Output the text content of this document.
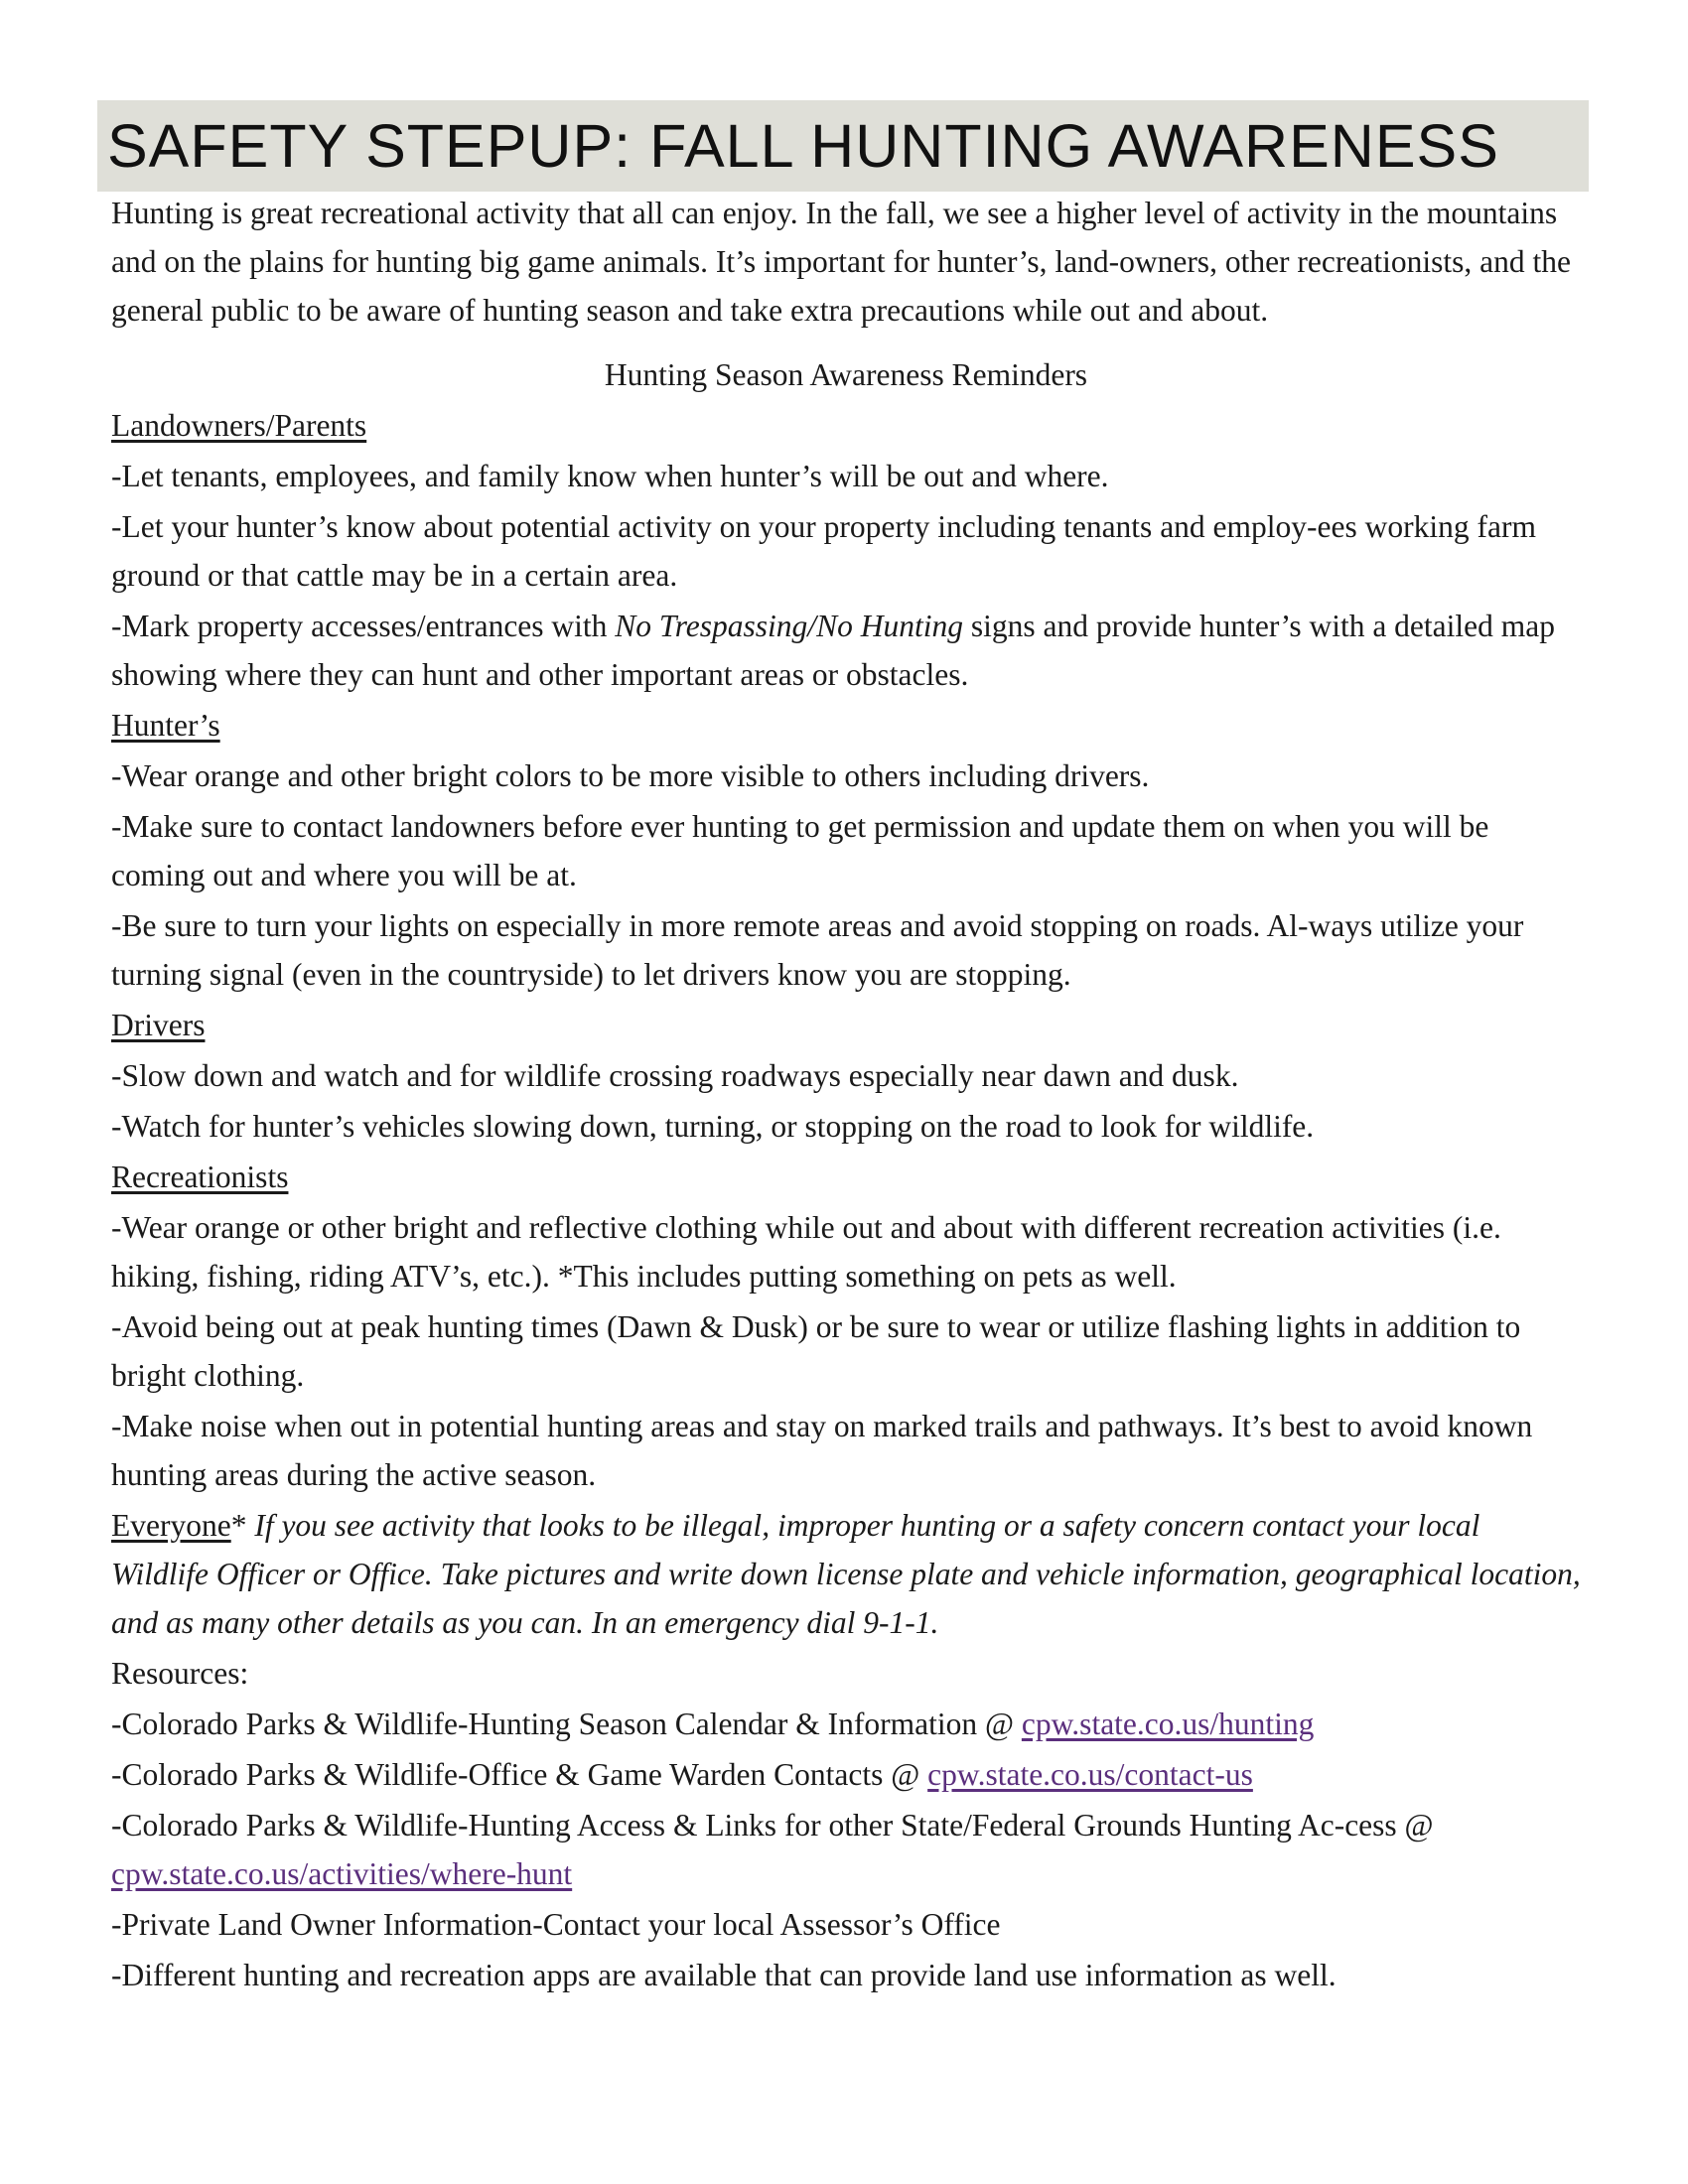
SAFETY STEPUP: FALL HUNTING AWARENESS

Hunting is great recreational activity that all can enjoy. In the fall, we see a higher level of activity in the mountains and on the plains for hunting big game animals. It’s important for hunter’s, land-owners, other recreationists, and the general public to be aware of hunting season and take extra precautions while out and about.

Hunting Season Awareness Reminders
Landowners/Parents
-Let tenants, employees, and family know when hunter’s will be out and where.
-Let your hunter’s know about potential activity on your property including tenants and employ-ees working farm ground or that cattle may be in a certain area.
-Mark property accesses/entrances with No Trespassing/No Hunting signs and provide hunter’s with a detailed map showing where they can hunt and other important areas or obstacles.
Hunter’s
-Wear orange and other bright colors to be more visible to others including drivers.
-Make sure to contact landowners before ever hunting to get permission and update them on when you will be coming out and where you will be at.
-Be sure to turn your lights on especially in more remote areas and avoid stopping on roads. Al-ways utilize your turning signal (even in the countryside) to let drivers know you are stopping.
Drivers
-Slow down and watch and for wildlife crossing roadways especially near dawn and dusk.
-Watch for hunter’s vehicles slowing down, turning, or stopping on the road to look for wildlife.
Recreationists
-Wear orange or other bright and reflective clothing while out and about with different recreation activities (i.e. hiking, fishing, riding ATV’s, etc.). *This includes putting something on pets as well.
-Avoid being out at peak hunting times (Dawn & Dusk) or be sure to wear or utilize flashing lights in addition to bright clothing.
-Make noise when out in potential hunting areas and stay on marked trails and pathways. It’s best to avoid known hunting areas during the active season.
Everyone* If you see activity that looks to be illegal, improper hunting or a safety concern contact your local Wildlife Officer or Office. Take pictures and write down license plate and vehicle information, geographical location, and as many other details as you can. In an emergency dial 9-1-1.
Resources:
-Colorado Parks & Wildlife-Hunting Season Calendar & Information @ cpw.state.co.us/hunting
-Colorado Parks & Wildlife-Office & Game Warden Contacts @ cpw.state.co.us/contact-us
-Colorado Parks & Wildlife-Hunting Access & Links for other State/Federal Grounds Hunting Ac-cess @ cpw.state.co.us/activities/where-hunt
-Private Land Owner Information-Contact your local Assessor’s Office
-Different hunting and recreation apps are available that can provide land use information as well.
